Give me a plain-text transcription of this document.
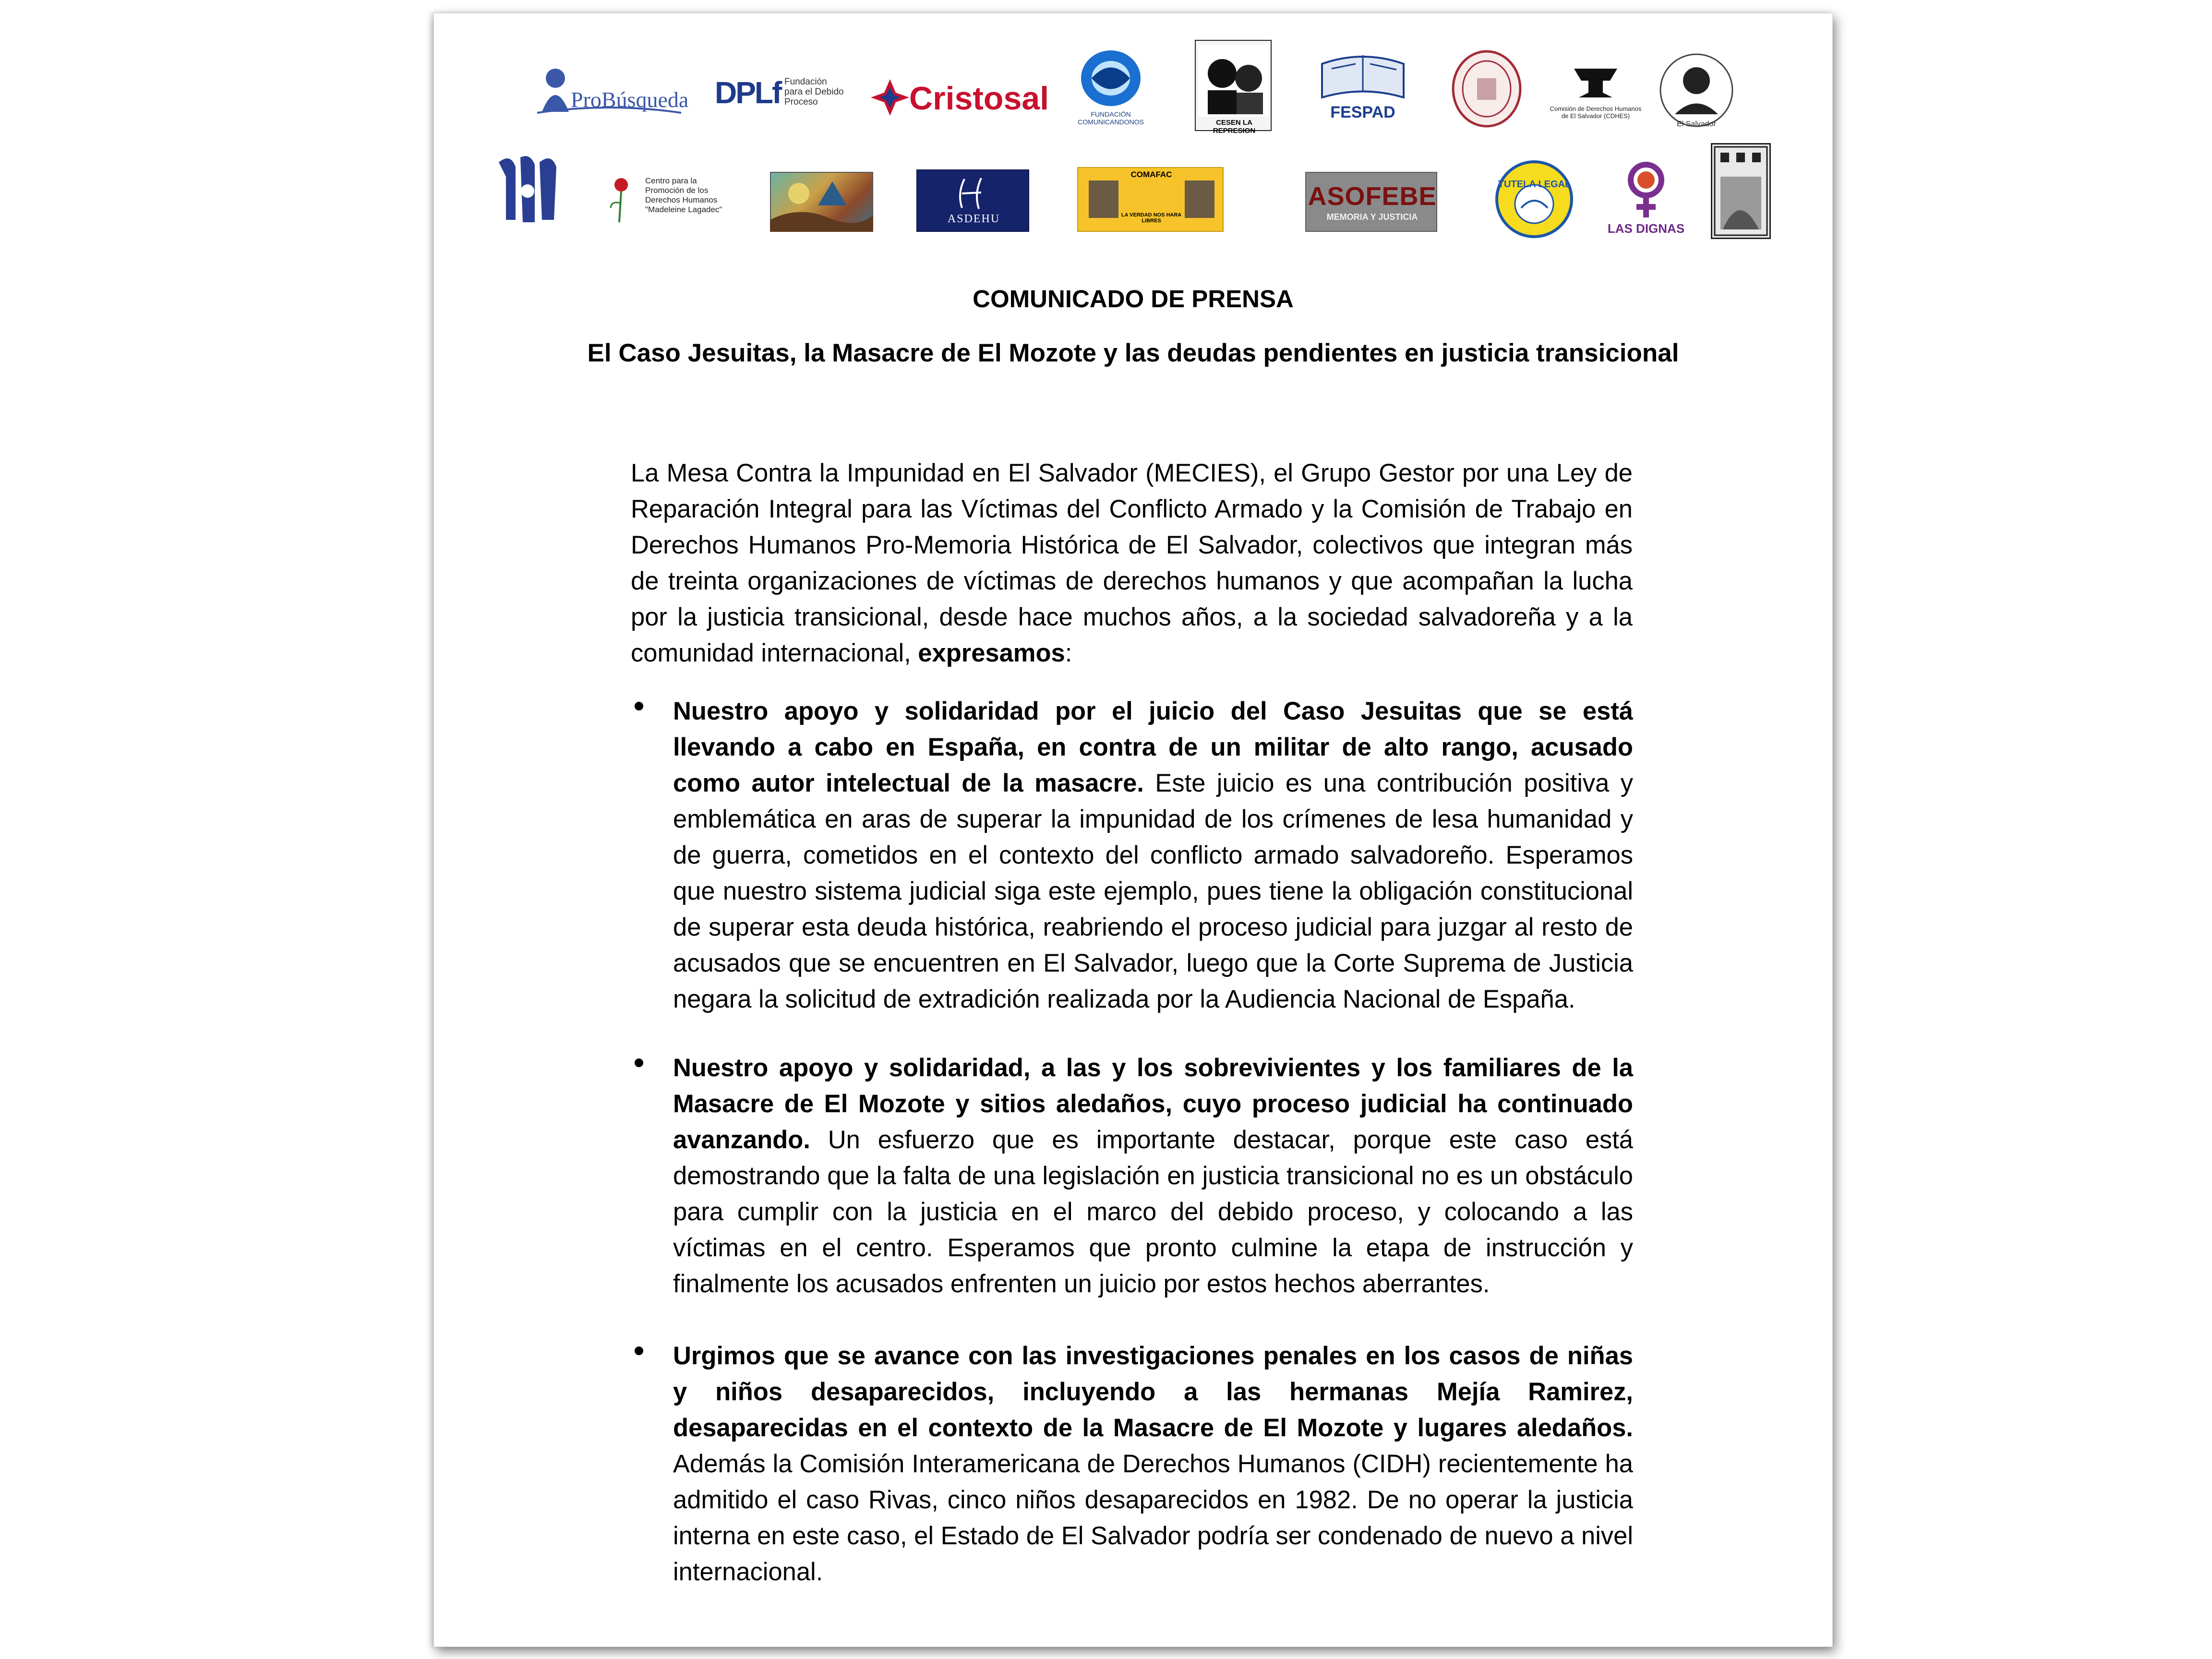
ProBúsqueda DPLf Fundación para el Debido Proceso	Cristosal	FUNDACIÓN COMUNICANDONOS	CESEN LA REPRESION
FESPAD	Comisión de Derechos Humanos de El Salvador (CDHES)
El Salvador
Centro para la Promoción de los Derechos Humanos "Madeleine Lagadec"
ASDEHU
COMAFAC
LA VERDAD NOS HARA LIBRES
ASOFEBE
MEMORIA Y JUSTICIA
TUTELA LEGAL
LAS DIGNAS
COMUNICADO DE PRENSA
El Caso Jesuitas, la Masacre de El Mozote y las deudas pendientes en justicia transicional
La Mesa Contra la Impunidad en El Salvador (MECIES), el Grupo Gestor por una Ley de Reparación Integral para las Víctimas del Conflicto Armado y la Comisión de Trabajo en Derechos Humanos Pro-Memoria Histórica de El Salvador, colectivos que integran más de treinta organizaciones de víctimas de derechos humanos y que acompañan la lucha por la justicia transicional, desde hace muchos años, a la sociedad salvadoreña y a la comunidad internacional, expresamos:
Nuestro apoyo y solidaridad por el juicio del Caso Jesuitas que se está llevando a cabo en España, en contra de un militar de alto rango, acusado como autor intelectual de la masacre. Este juicio es una contribución positiva y emblemática en aras de superar la impunidad de los crímenes de lesa humanidad y de guerra, cometidos en el contexto del conflicto armado salvadoreño. Esperamos que nuestro sistema judicial siga este ejemplo, pues tiene la obligación constitucional de superar esta deuda histórica, reabriendo el proceso judicial para juzgar al resto de acusados que se encuentren en El Salvador, luego que la Corte Suprema de Justicia negara la solicitud de extradición realizada por la Audiencia Nacional de España.
Nuestro apoyo y solidaridad, a las y los sobrevivientes y los familiares de la Masacre de El Mozote y sitios aledaños, cuyo proceso judicial ha continuado avanzando. Un esfuerzo que es importante destacar, porque este caso está demostrando que la falta de una legislación en justicia transicional no es un obstáculo para cumplir con la justicia en el marco del debido proceso, y colocando a las víctimas en el centro. Esperamos que pronto culmine la etapa de instrucción y finalmente los acusados enfrenten un juicio por estos hechos aberrantes.
Urgimos que se avance con las investigaciones penales en los casos de niñas y niños desaparecidos, incluyendo a las hermanas Mejía Ramirez, desaparecidas en el contexto de la Masacre de El Mozote y lugares aledaños. Además la Comisión Interamericana de Derechos Humanos (CIDH) recientemente ha admitido el caso Rivas, cinco niños desaparecidos en 1982. De no operar la justicia interna en este caso, el Estado de El Salvador podría ser condenado de nuevo a nivel internacional.
